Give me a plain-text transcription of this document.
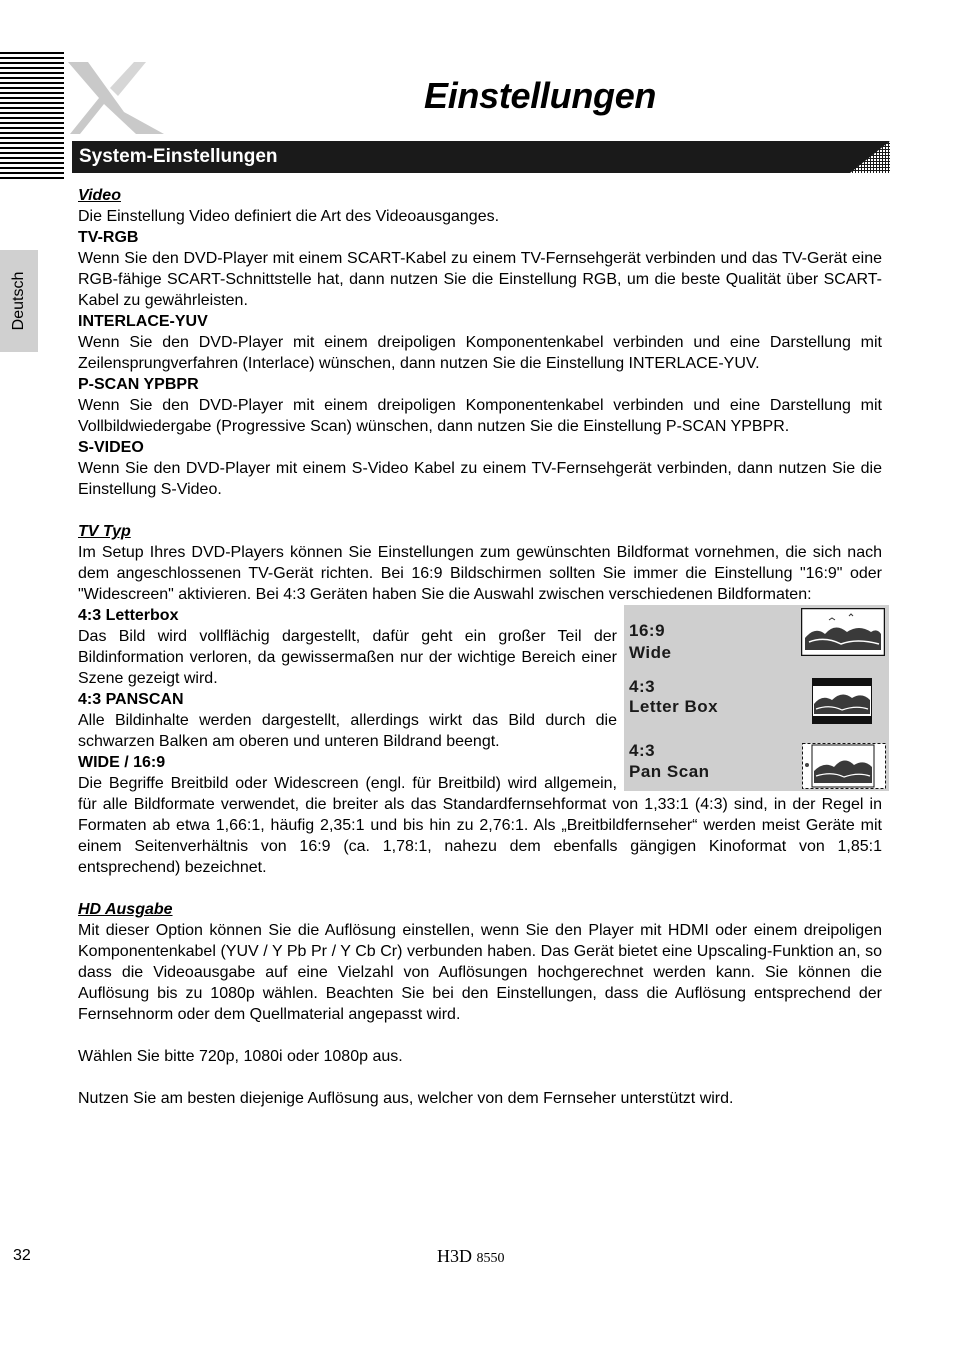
Einstellungen
System-Einstellungen
Deutsch

Video

Die Einstellung Video definiert die Art des Videoausganges.

TV-RGB

Wenn Sie den DVD-Player mit einem SCART-Kabel zu einem TV-Fernsehgerät verbinden und das TV-Gerät eine RGB-fähige SCART-Schnittstelle hat, dann nutzen Sie die Einstellung RGB, um die beste Qualität über SCART-Kabel zu gewährleisten.

INTERLACE-YUV

Wenn Sie den DVD-Player mit einem dreipoligen Komponentenkabel verbinden und eine Darstellung mit Zeilensprungverfahren (Interlace) wünschen, dann nutzen Sie die Einstellung INTERLACE-YUV.

P-SCAN YPBPR

Wenn Sie den DVD-Player mit einem dreipoligen Komponentenkabel verbinden und eine Darstellung mit Vollbildwiedergabe (Progressive Scan) wünschen, dann nutzen Sie die Einstellung P-SCAN YPBPR.

S-VIDEO

Wenn Sie den DVD-Player mit einem S-Video Kabel zu einem TV-Fernsehgerät verbinden, dann nutzen Sie die Einstellung S-Video.

TV Typ

Im Setup Ihres DVD-Players können Sie Einstellungen zum gewünschten Bildformat vornehmen, die sich nach dem angeschlossenen TV-Gerät richten. Bei 16:9 Bildschirmen sollten Sie immer die Einstellung "16:9" oder "Widescreen" aktivieren. Bei 4:3 Geräten haben Sie die Auswahl zwischen verschiedenen Bildformaten:

16:9
Wide
4:3
Letter Box
4:3
Pan Scan

4:3 Letterbox

Das Bild wird vollflächig dargestellt, dafür geht ein großer Teil der Bildinformation verloren, da gewissermaßen nur der wichtige Bereich einer Szene gezeigt wird.

4:3 PANSCAN

Alle Bildinhalte werden dargestellt, allerdings wirkt das Bild durch die schwarzen Balken am oberen und unteren Bildrand beengt.

WIDE / 16:9

Die Begriffe Breitbild oder Widescreen (engl. für Breitbild) wird allgemein, für alle Bildformate verwendet, die breiter als das Standardfernsehformat von 1,33:1 (4:3) sind, in der Regel in Formaten ab etwa 1,66:1, häufig 2,35:1 und bis hin zu 2,76:1. Als „Breitbildfernseher“ werden meist Geräte mit einem Seitenverhältnis von 16:9 (ca. 1,78:1, nahezu dem ebenfalls gängigen Kinoformat von 1,85:1 entsprechend) bezeichnet.

HD Ausgabe

Mit dieser Option können Sie die Auflösung einstellen, wenn Sie den Player mit HDMI oder einem dreipoligen Komponentenkabel (YUV / Y Pb Pr / Y Cb Cr) verbunden haben. Das Gerät bietet eine Upscaling-Funktion an, so dass die Videoausgabe auf eine Vielzahl von Auflösungen hochgerechnet werden kann. Sie können die Auflösung bis zu 1080p wählen. Beachten Sie bei den Einstellungen, dass die Auflösung entsprechend der Fernsehnorm oder dem Quellmaterial angepasst wird.

Wählen Sie bitte 720p, 1080i oder 1080p aus.

Nutzen Sie am besten diejenige Auflösung aus, welcher von dem Fernseher unterstützt wird.

32	H3D 8550
